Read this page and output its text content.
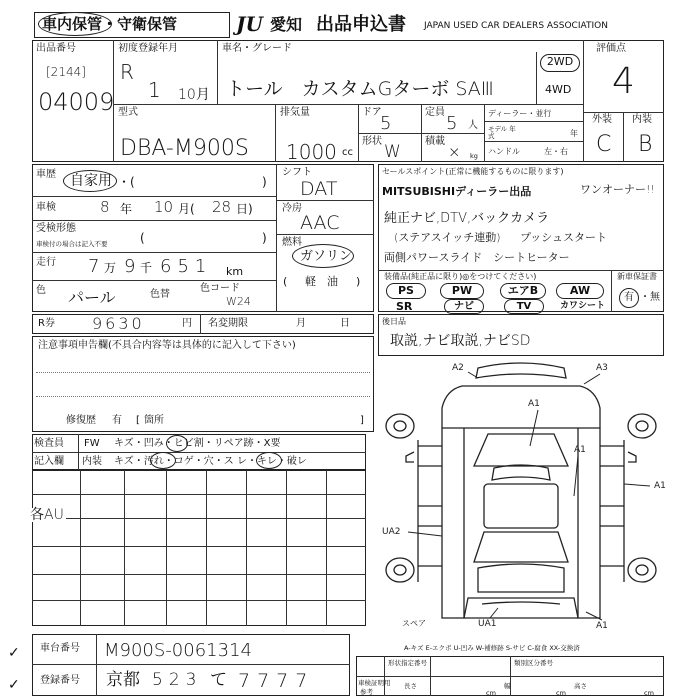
車内保管・守衛保管	JU 愛知 出品申込書 JAPAN USED CAR DEALERS ASSOCIATION
出品番号
[2144]
04009
初度登録年月
R
1 10月
車名・グレード
トール　カスタムGターボ SAⅢ
2WD
4WD
評価点
4
外装 内装
C B
型式
DBA-M900S
排気量
1000 cc
ドア
5
定員
5 人
形状
W
積載
× kg
ディーラー・並行
モデル 年式	年
ハンドル	左・右
車歴 自家用 ・(	)
車検	8 年 10 月( 28 日)
受検形態
車検付の場合は記入不要	(	)
走行 7 万 9 千 651 km
色 パール	色替
色コード
W24
シフト
DAT
冷房
AAC
燃料
ガソリン
軽　油
(	)
セールスポイント(正常に機能するものに限ります)
MITSUBISHIディーラー出品	ワンオーナー!!
純正ナビ,DTV,バックカメラ
(ステアスイッチ連動) プッシュスタート
両側パワースライド　シートヒーター
装備品(純正品に限り)◎をつけてください)	新車保証書
有 ・ 無
PS	PW	エアB	AW
SR	ナビ	TV	カワシート
R券 9630	円 名変期限	月	日
注意事項申告欄(不具合内容等は具体的に記入して下さい)
修復歴 有 箇所
[	]
後日品
取説,ナビ取説,ナビSD
検査員
記入欄
FW キズ・凹み・ヒビ割・リペア跡・X要
内装 キズ・汚れ・コゲ・穴・ス レ・キレ・破レ
各AU
A2	A3
A1
A1
A1
UA2
UA1	A1
スペア
車台番号 M900S-0061314
登録番号 京都 523 て 7777
✓
✓
A-キズ E-エクボ U-凹み W-補修跡 S-サビ C-腐食 XX-交換済
形状指定番号	類別区分番号
車検証明用
参考
長さ	幅	高さ
cm	cm	cm
